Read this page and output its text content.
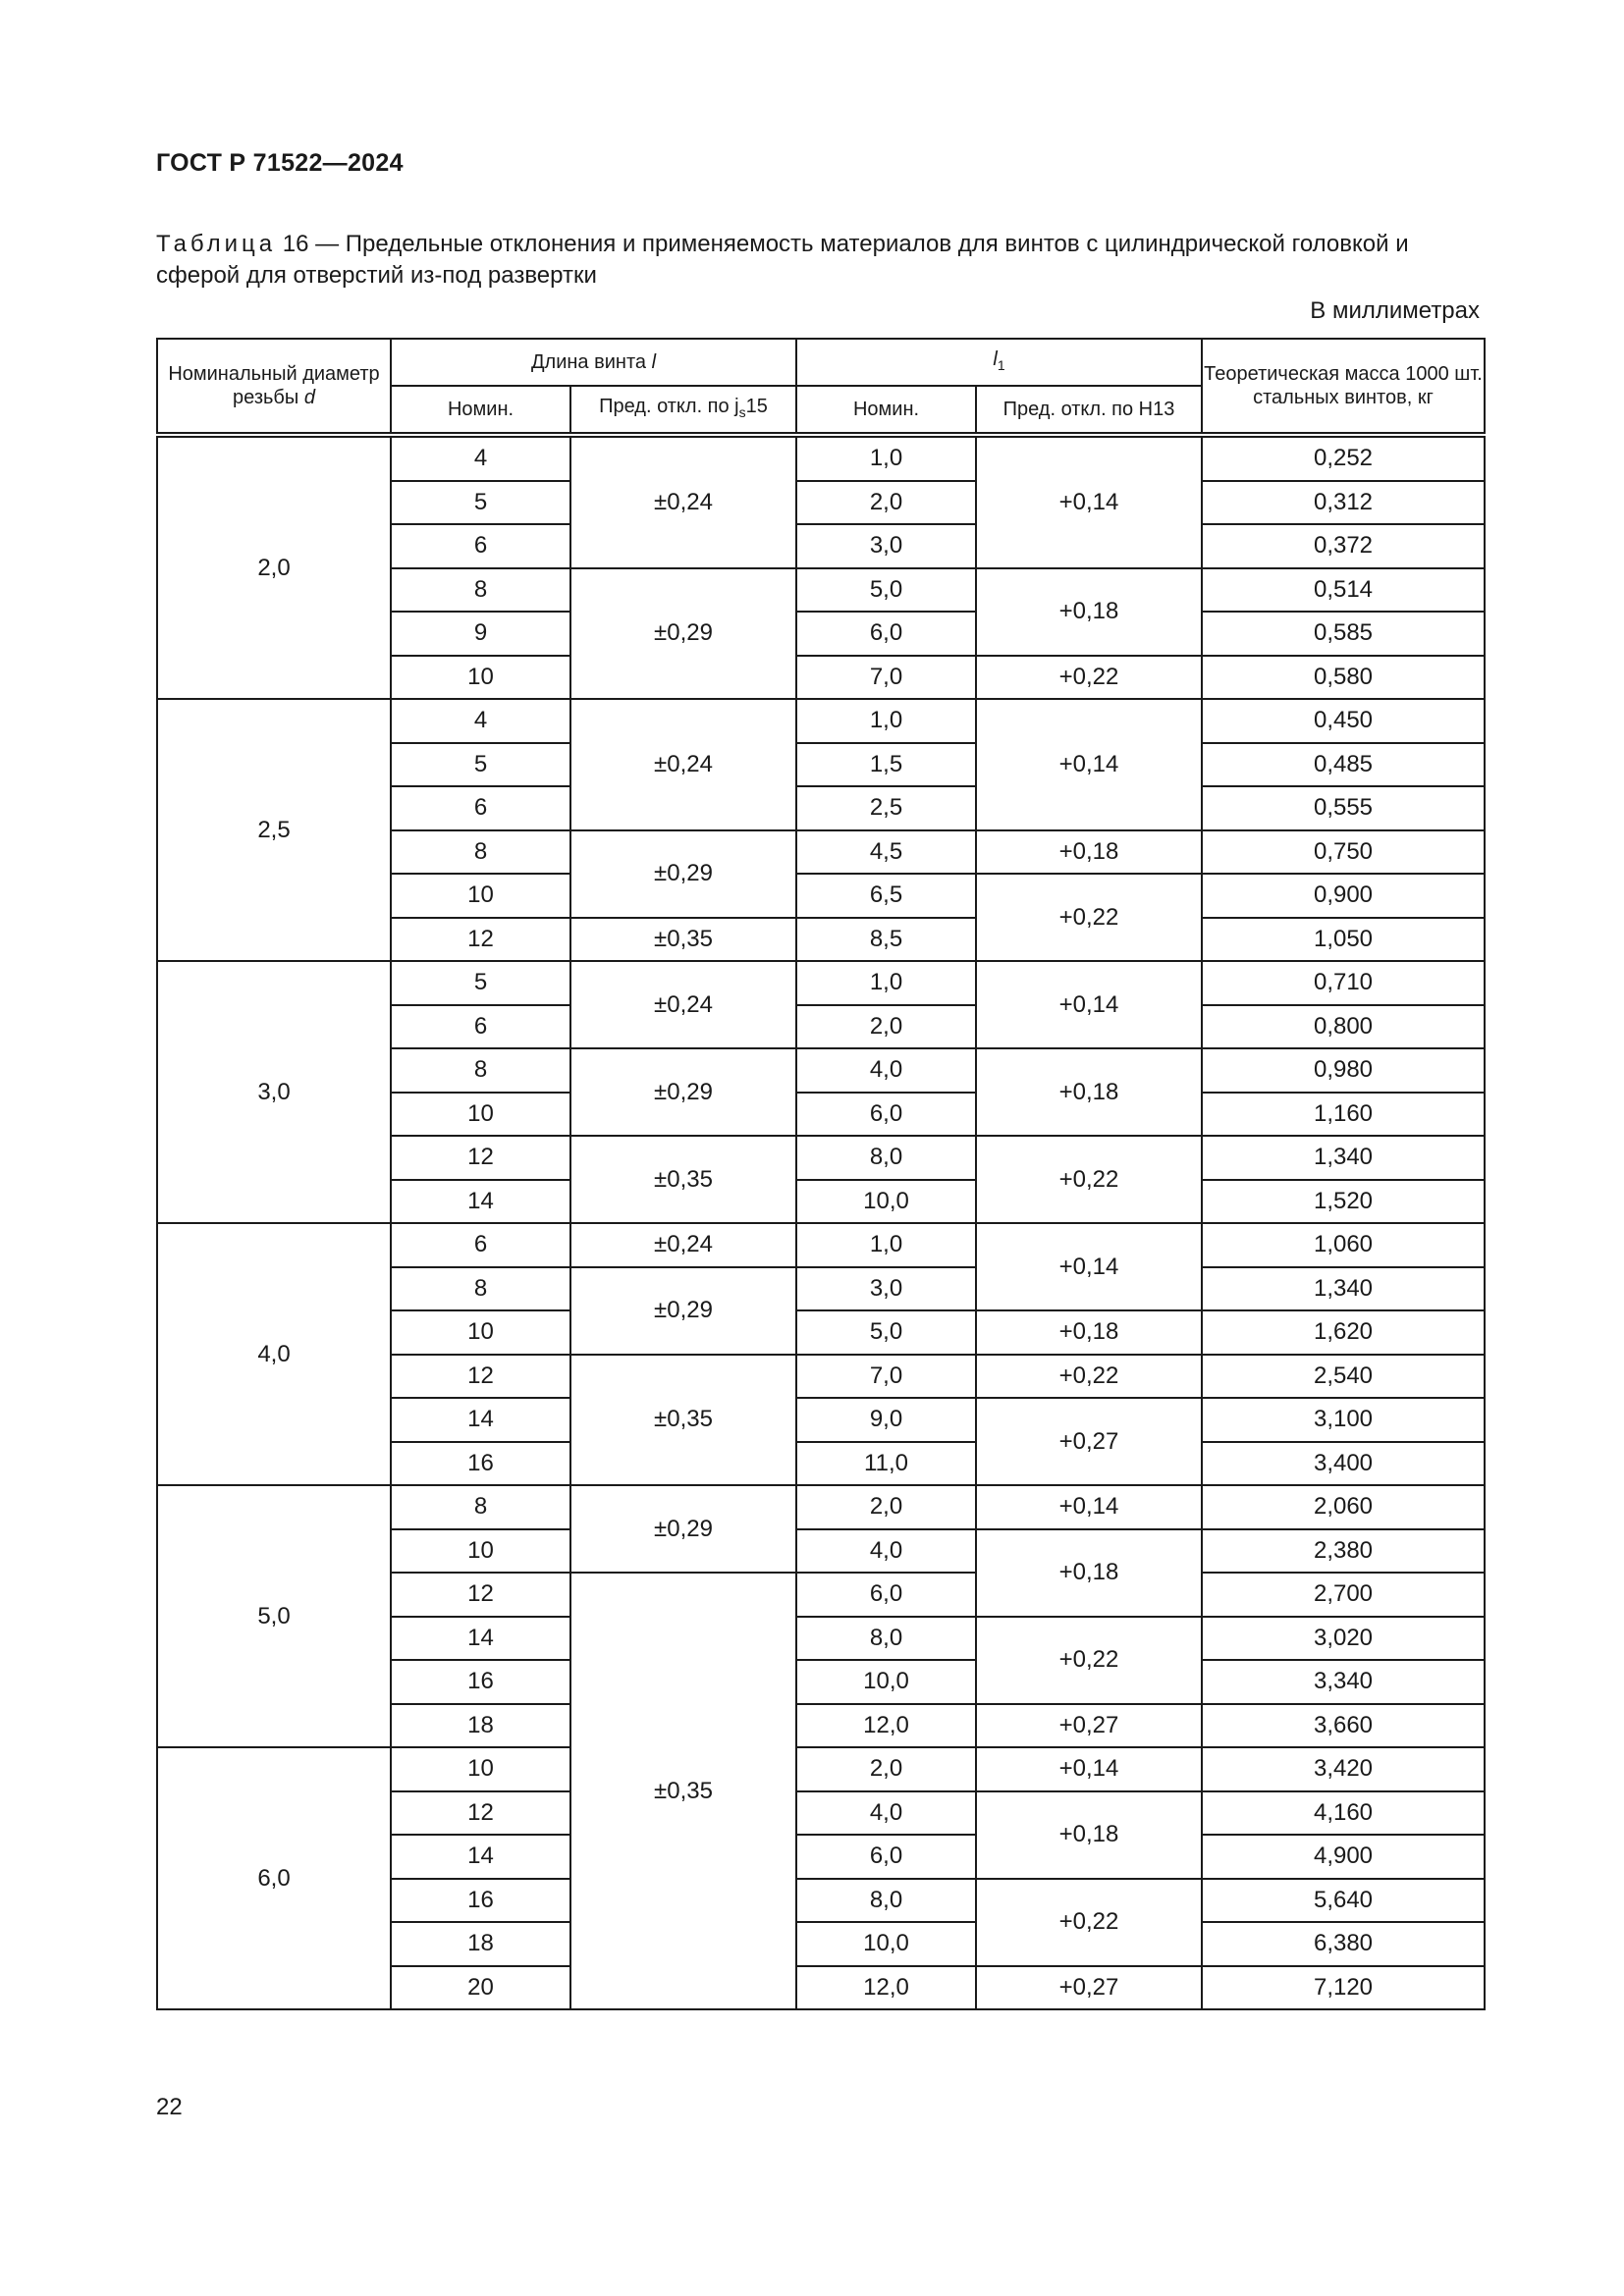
ГОСТ Р 71522—2024
Таблица 16 — Предельные отклонения и применяемость материалов для винтов с цилиндрической головкой и сферой для отверстий из-под развертки
В миллиметрах
Номинальный диаметр резьбы d	Длина винта l		$l_1$		Теоретическая масса 1000 шт. стальных винтов, кг
	Номин.	Пред. откл. по $j_s15$	Номин.	Пред. откл. по H13	
2,0	4	±0,24	1,0	+0,14	0,252
	5		2,0		0,312
	6		3,0		0,372
	8	±0,29	5,0	+0,18	0,514
	9		6,0		0,585
	10		7,0	+0,22	0,580
2,5	4	±0,24	1,0	+0,14	0,450
	5		1,5		0,485
	6		2,5		0,555
	8	±0,29	4,5	+0,18	0,750
	10		6,5	+0,22	0,900
	12	±0,35	8,5		1,050
3,0	5	±0,24	1,0	+0,14	0,710
	6		2,0		0,800
	8	±0,29	4,0	+0,18	0,980
	10		6,0		1,160
	12	±0,35	8,0	+0,22	1,340
	14		10,0		1,520
4,0	6	±0,24	1,0	+0,14	1,060
	8	±0,29	3,0		1,340
	10		5,0	+0,18	1,620
	12	±0,35	7,0	+0,22	2,540
	14		9,0	+0,27	3,100
	16		11,0		3,400
5,0	8	±0,29	2,0	+0,14	2,060
	10		4,0	+0,18	2,380
	12	±0,35	6,0		2,700
	14		8,0	+0,22	3,020
	16		10,0		3,340
	18		12,0	+0,27	3,660
6,0	10		2,0	+0,14	3,420
	12		4,0	+0,18	4,160
	14		6,0		4,900
	16		8,0	+0,22	5,640
	18		10,0		6,380
	20		12,0	+0,27	7,120
22
